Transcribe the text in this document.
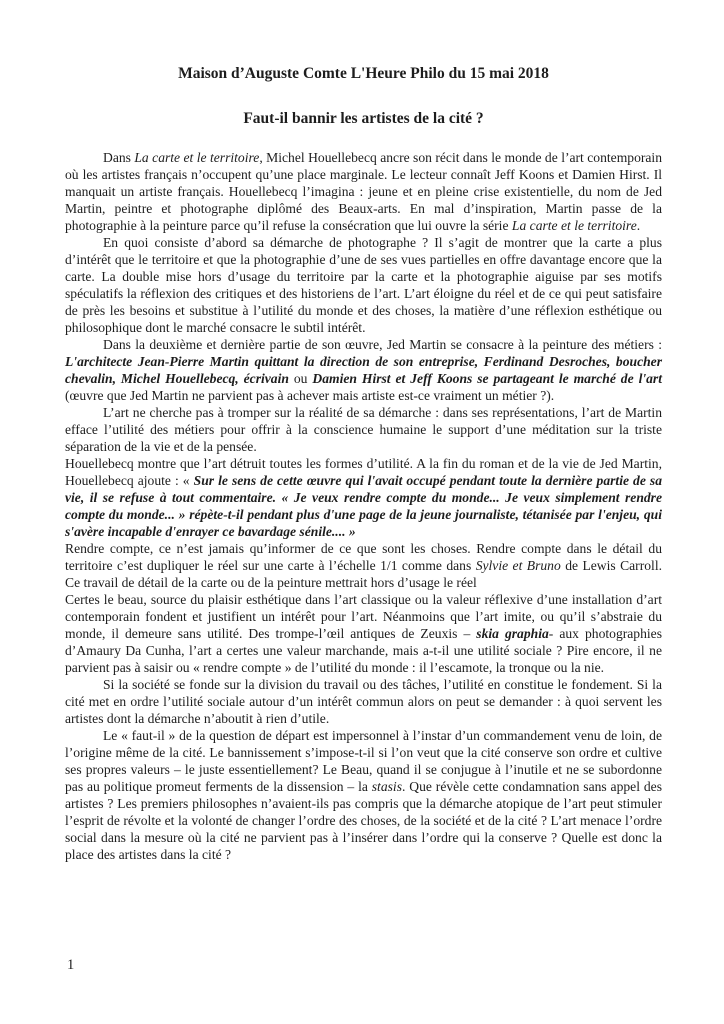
Maison d’Auguste Comte L'Heure Philo du 15 mai 2018
Faut-il bannir les artistes de la cité ?

Dans La carte et le territoire, Michel Houellebecq ancre son récit dans le monde de l’art contemporain où les artistes français n’occupent qu’une place marginale. Le lecteur connaît Jeff Koons et Damien Hirst. Il manquait un artiste français. Houellebecq l’imagina : jeune et en pleine crise existentielle, du nom de Jed Martin, peintre et photographe diplômé des Beaux-arts. En mal d’inspiration, Martin passe de la photographie à la peinture parce qu’il refuse la consécration que lui ouvre la série La carte et le territoire.

En quoi consiste d’abord sa démarche de photographe ? Il s’agit de montrer que la carte a plus d’intérêt que le territoire et que la photographie d’une de ses vues partielles en offre davantage encore que la carte. La double mise hors d’usage du territoire par la carte et la photographie aiguise par ses motifs spéculatifs la réflexion des critiques et des historiens de l’art. L’art éloigne du réel et de ce qui peut satisfaire de près les besoins et substitue à l’utilité du monde et des choses, la matière d’une réflexion esthétique ou philosophique dont le marché consacre le subtil intérêt.

Dans la deuxième et dernière partie de son œuvre, Jed Martin se consacre à la peinture des métiers : L'architecte Jean-Pierre Martin quittant la direction de son entreprise, Ferdinand Desroches, boucher chevalin, Michel Houellebecq, écrivain ou Damien Hirst et Jeff Koons se partageant le marché de l'art (œuvre que Jed Martin ne parvient pas à achever mais artiste est-ce vraiment un métier ?).

L’art ne cherche pas à tromper sur la réalité de sa démarche : dans ses représentations, l’art de Martin efface l’utilité des métiers pour offrir à la conscience humaine le support d’une méditation sur la triste séparation de la vie et de la pensée.

Houellebecq montre que l’art détruit toutes les formes d’utilité. A la fin du roman et de la vie de Jed Martin, Houellebecq ajoute : « Sur le sens de cette œuvre qui l'avait occupé pendant toute la dernière partie de sa vie, il se refuse à tout commentaire. « Je veux rendre compte du monde... Je veux simplement rendre compte du monde... » répète-t-il pendant plus d'une page de la jeune journaliste, tétanisée par l'enjeu, qui s'avère incapable d'enrayer ce bavardage sénile.... »

Rendre compte, ce n’est jamais qu’informer de ce que sont les choses. Rendre compte dans le détail du territoire c’est dupliquer le réel sur une carte à l’échelle 1/1 comme dans Sylvie et Bruno de Lewis Carroll. Ce travail de détail de la carte ou de la peinture mettrait hors d’usage le réel

Certes le beau, source du plaisir esthétique dans l’art classique ou la valeur réflexive d’une installation d’art contemporain fondent et justifient un intérêt pour l’art. Néanmoins que l’art imite, ou qu’il s’abstraie du monde, il demeure sans utilité. Des trompe-l’œil antiques de Zeuxis – skia graphia- aux photographies d’Amaury Da Cunha, l’art a certes une valeur marchande, mais a-t-il une utilité sociale ? Pire encore, il ne parvient pas à saisir ou « rendre compte » de l’utilité du monde : il l’escamote, la tronque ou la nie.

Si la société se fonde sur la division du travail ou des tâches, l’utilité en constitue le fondement. Si la cité met en ordre l’utilité sociale autour d’un intérêt commun alors on peut se demander : à quoi servent les artistes dont la démarche n’aboutit à rien d’utile.

Le « faut-il » de la question de départ est impersonnel à l’instar d’un commandement venu de loin, de l’origine même de la cité. Le bannissement s’impose-t-il si l’on veut que la cité conserve son ordre et cultive ses propres valeurs – le juste essentiellement? Le Beau, quand il se conjugue à l’inutile et ne se subordonne pas au politique promeut ferments de la dissension – la stasis. Que révèle cette condamnation sans appel des artistes ? Les premiers philosophes n’avaient-ils pas compris que la démarche atopique de l’art peut stimuler l’esprit de révolte et la volonté de changer l’ordre des choses, de la société et de la cité ? L’art menace l’ordre social dans la mesure où la cité ne parvient pas à l’insérer dans l’ordre qui la conserve ? Quelle est donc la place des artistes dans la cité ?

1
